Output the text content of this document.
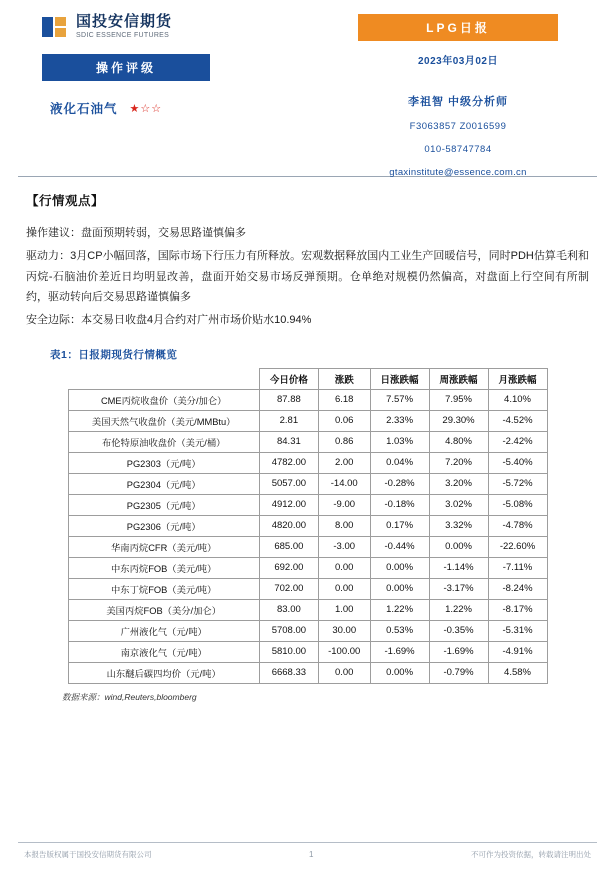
国投安信期货
SDIC ESSENCE FUTURES
操作评级
液化石油气 ★☆☆
LPG日报
2023年03月02日
李祖智 中级分析师
F3063857 Z0016599
010-58747784
gtaxinstitute@essence.com.cn
【行情观点】
操作建议：盘面预期转弱，交易思路谨慎偏多
驱动力：3月CP小幅回落，国际市场下行压力有所释放。宏观数据释放国内工业生产回暖信号，同时PDH估算毛利和丙烷-石脑油价差近日均明显改善，盘面开始交易市场反弹预期。仓单绝对规模仍然偏高，对盘面上行空间有所制约，驱动转向后交易思路谨慎偏多
安全边际：本交易日收盘4月合约对广州市场价贴水10.94%
表1：日报期现货行情概览
	今日价格	涨跌	日涨跌幅	周涨跌幅	月涨跌幅
CME丙烷收盘价（美分/加仑）	87.88	6.18	7.57%	7.95%	4.10%
美国天然气收盘价（美元/MMBtu）	2.81	0.06	2.33%	29.30%	-4.52%
布伦特原油收盘价（美元/桶）	84.31	0.86	1.03%	4.80%	-2.42%
PG2303（元/吨）	4782.00	2.00	0.04%	7.20%	-5.40%
PG2304（元/吨）	5057.00	-14.00	-0.28%	3.20%	-5.72%
PG2305（元/吨）	4912.00	-9.00	-0.18%	3.02%	-5.08%
PG2306（元/吨）	4820.00	8.00	0.17%	3.32%	-4.78%
华南丙烷CFR（美元/吨）	685.00	-3.00	-0.44%	0.00%	-22.60%
中东丙烷FOB（美元/吨）	692.00	0.00	0.00%	-1.14%	-7.11%
中东丁烷FOB（美元/吨）	702.00	0.00	0.00%	-3.17%	-8.24%
美国丙烷FOB（美分/加仑）	83.00	1.00	1.22%	1.22%	-8.17%
广州液化气（元/吨）	5708.00	30.00	0.53%	-0.35%	-5.31%
南京液化气（元/吨）	5810.00	-100.00	-1.69%	-1.69%	-4.91%
山东醚后碳四均价（元/吨）	6668.33	0.00	0.00%	-0.79%	4.58%
数据来源：wind,Reuters,bloomberg
本报告版权属于国投安信期货有限公司	1	不可作为投资依据，转载请注明出处
